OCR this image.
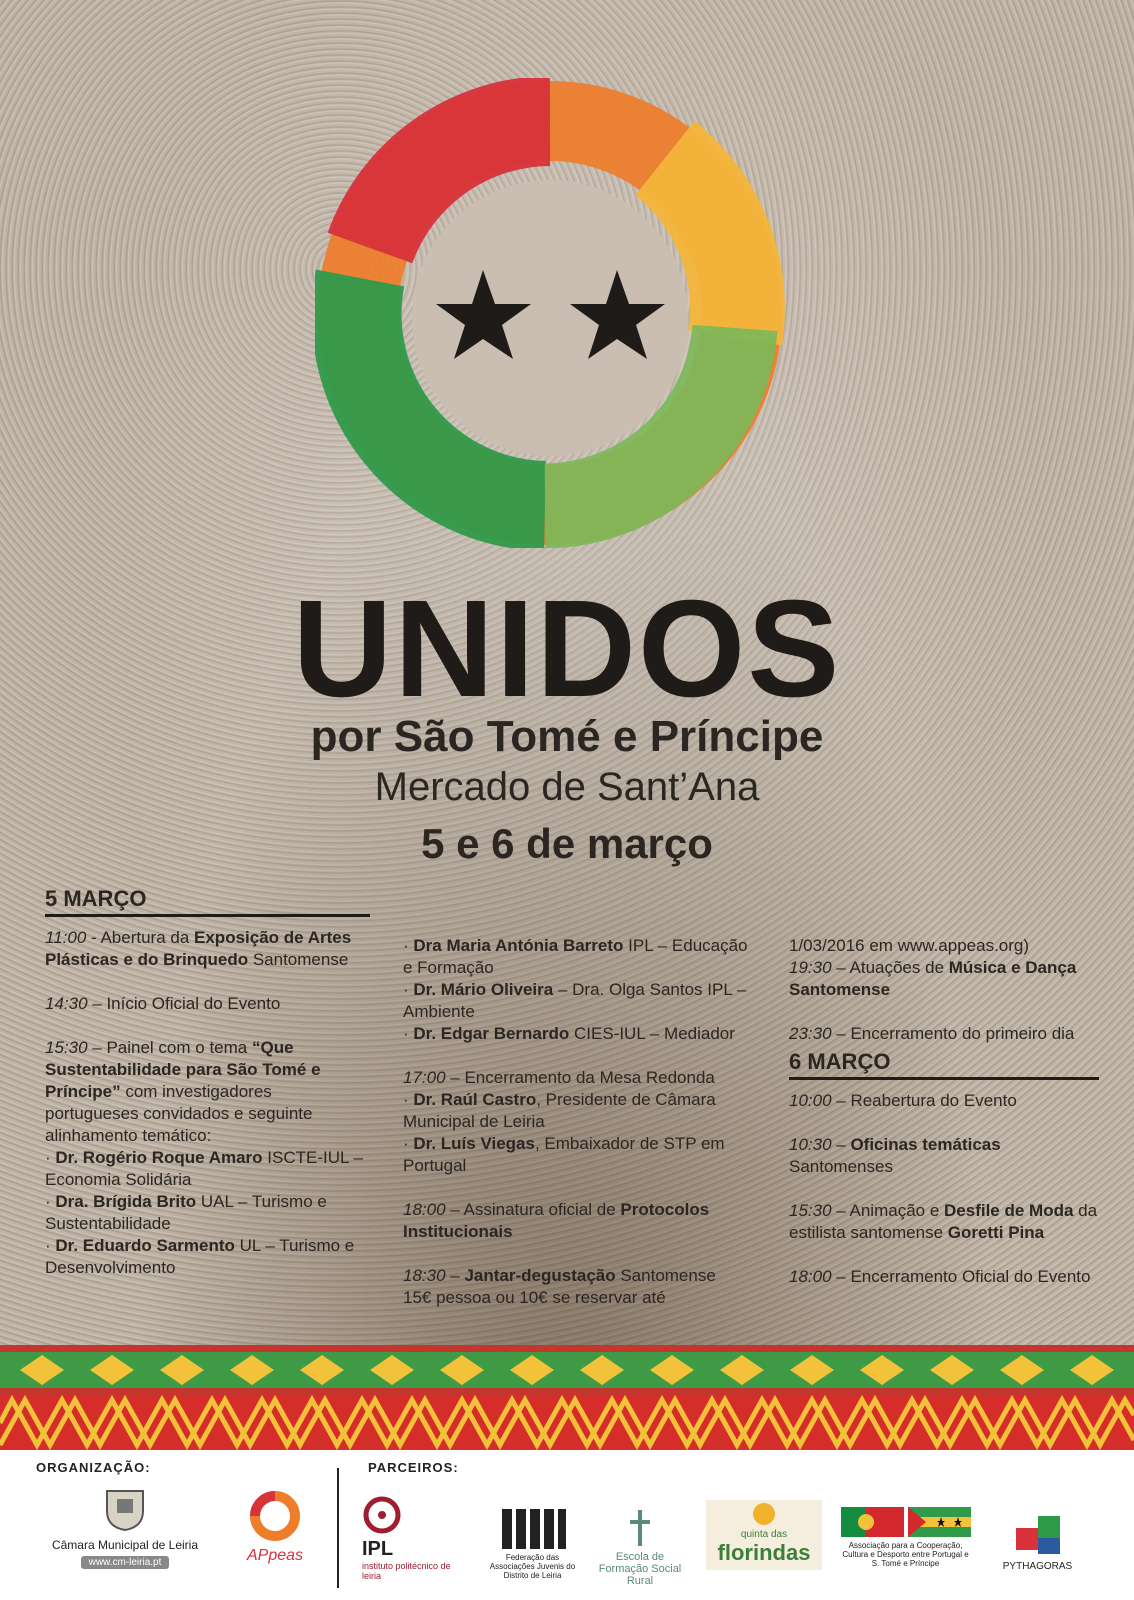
UNIDOS
por São Tomé e Príncipe
Mercado de Sant’Ana
5 e 6 de março
5 MARÇO

11:00 - Abertura da Exposição de Artes Plásticas e do Brinquedo Santomense

14:30 – Início Oficial do Evento

15:30 – Painel com o tema “Que Sustentabilidade para São Tomé e Príncipe” com investigadores portugueses convidados e seguinte alinhamento temático:

· Dr. Rogério Roque Amaro ISCTE-IUL – Economia Solidária

· Dra. Brígida Brito UAL – Turismo e Sustentabilidade

· Dr. Eduardo Sarmento UL – Turismo e Desenvolvimento

· Dra Maria Antónia Barreto IPL – Educação e Formação

· Dr. Mário Oliveira – Dra. Olga Santos IPL – Ambiente

· Dr. Edgar Bernardo CIES-IUL – Mediador

17:00 – Encerramento da Mesa Redonda

· Dr. Raúl Castro, Presidente de Câmara Municipal de Leiria

· Dr. Luís Viegas, Embaixador de STP em Portugal

18:00 – Assinatura oficial de Protocolos Institucionais

18:30 – Jantar-degustação Santomense 15€ pessoa ou 10€ se reservar até

1/03/2016 em www.appeas.org)

19:30 – Atuações de Música e Dança Santomense

23:30 – Encerramento do primeiro dia

6 MARÇO

10:00 – Reabertura do Evento

10:30 – Oficinas temáticas Santomenses

15:30 – Animação e Desfile de Moda da estilista santomense Goretti Pina

18:00 – Encerramento Oficial do Evento

ORGANIZAÇÃO:	PARCEIROS:
Câmara Municipal de Leiria
www.cm-leiria.pt	APpeas	IPL
instituto politécnico de leiria
Federação das Associações Juvenis do Distrito de Leiria
Escola de Formação Social Rural
quinta das
florindas	Associação para a Cooperação, Cultura e Desporto entre Portugal e S. Tomé e Príncipe	PYTHAGORAS
